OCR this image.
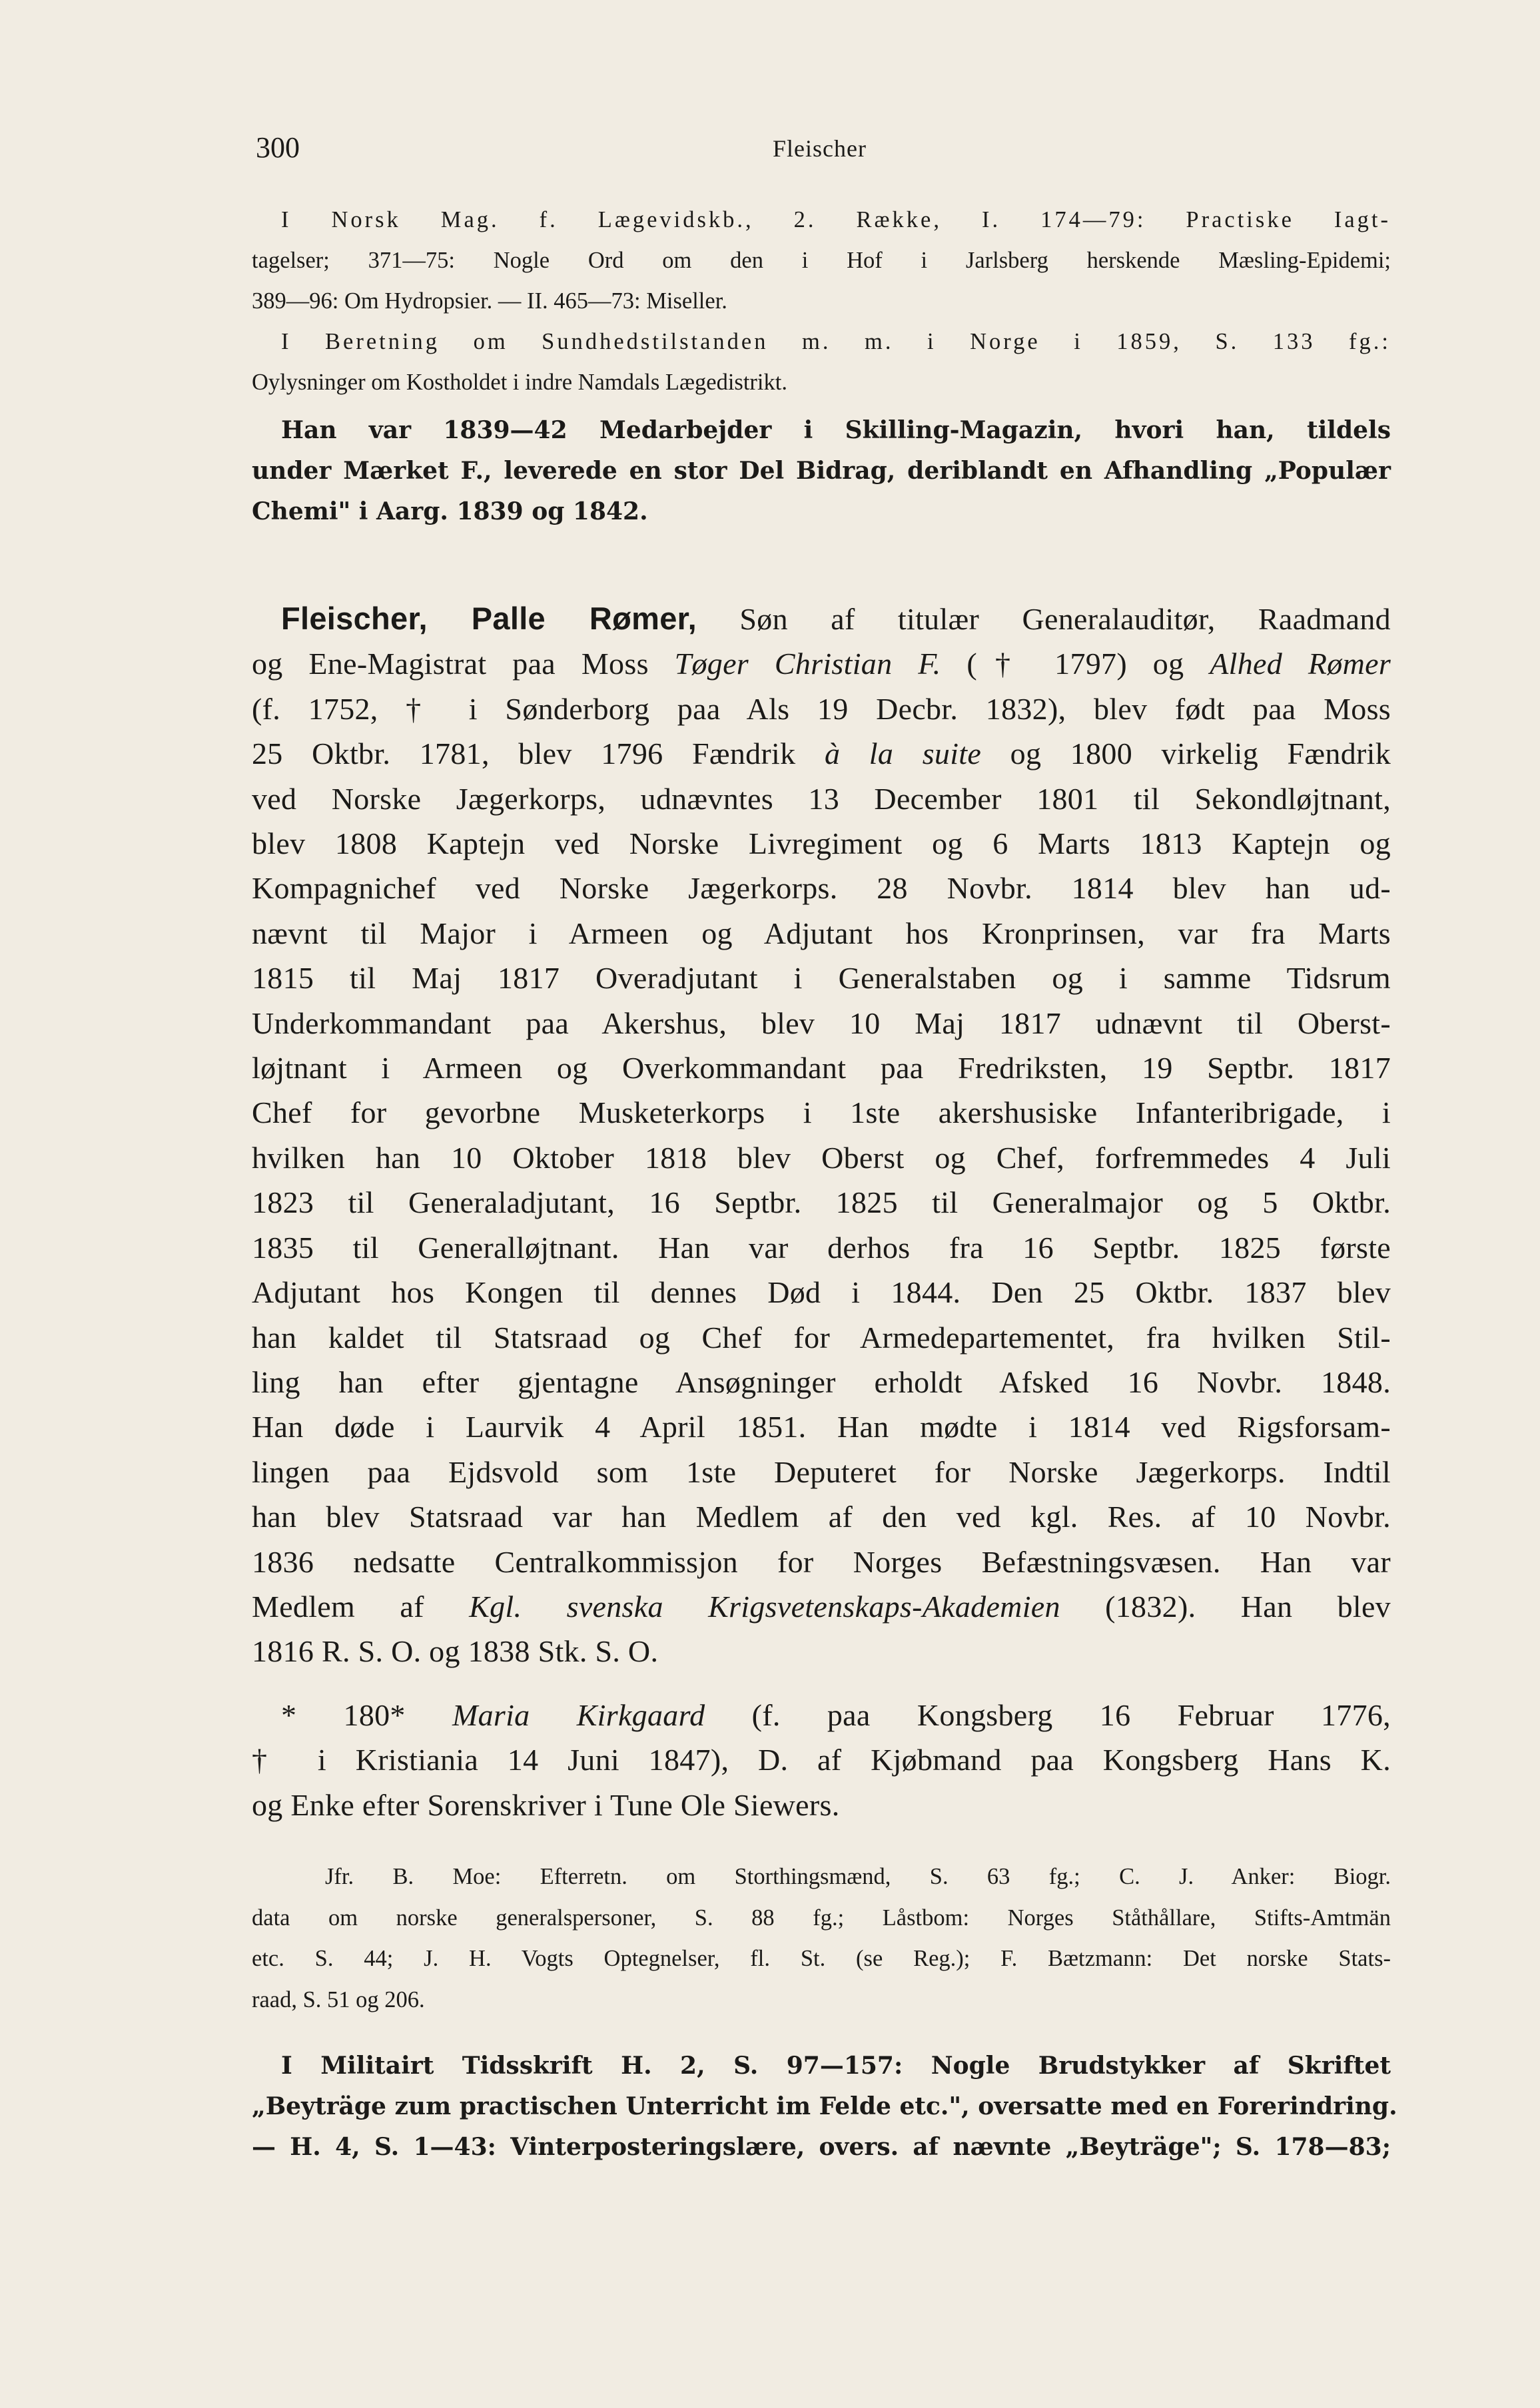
300	Fleischer
I Norsk Mag. f. Lægevidskb., 2. Række, I. 174—79: Practiske Iagt-
tagelser; 371—75: Nogle Ord om den i Hof i Jarlsberg herskende Mæsling-Epidemi;
389—96: Om Hydropsier. — II. 465—73: Miseller.
I Beretning om Sundhedstilstanden m. m. i Norge i 1859, S. 133 fg.:
Oylysninger om Kostholdet i indre Namdals Lægedistrikt.
Han var 1839—42 Medarbejder i Skilling-Magazin, hvori han, tildels
under Mærket F., leverede en stor Del Bidrag, deriblandt en Afhandling „Populær
Chemi" i Aarg. 1839 og 1842.
Fleischer, Palle Rømer, Søn af titulær Generalauditør, Raadmand
og Ene-Magistrat paa Moss Tøger Christian F. († 1797) og Alhed Rømer
(f. 1752, † i Sønderborg paa Als 19 Decbr. 1832), blev født paa Moss
25 Oktbr. 1781, blev 1796 Fændrik à la suite og 1800 virkelig Fændrik
ved Norske Jægerkorps, udnævntes 13 December 1801 til Sekondløjtnant,
blev 1808 Kaptejn ved Norske Livregiment og 6 Marts 1813 Kaptejn og
Kompagnichef ved Norske Jægerkorps. 28 Novbr. 1814 blev han ud-
nævnt til Major i Armeen og Adjutant hos Kronprinsen, var fra Marts
1815 til Maj 1817 Overadjutant i Generalstaben og i samme Tidsrum
Underkommandant paa Akershus, blev 10 Maj 1817 udnævnt til Oberst-
løjtnant i Armeen og Overkommandant paa Fredriksten, 19 Septbr. 1817
Chef for gevorbne Musketerkorps i 1ste akershusiske Infanteribrigade, i
hvilken han 10 Oktober 1818 blev Oberst og Chef, forfremmedes 4 Juli
1823 til Generaladjutant, 16 Septbr. 1825 til Generalmajor og 5 Oktbr.
1835 til Generalløjtnant. Han var derhos fra 16 Septbr. 1825 første
Adjutant hos Kongen til dennes Død i 1844. Den 25 Oktbr. 1837 blev
han kaldet til Statsraad og Chef for Armedepartementet, fra hvilken Stil-
ling han efter gjentagne Ansøgninger erholdt Afsked 16 Novbr. 1848.
Han døde i Laurvik 4 April 1851. Han mødte i 1814 ved Rigsforsam-
lingen paa Ejdsvold som 1ste Deputeret for Norske Jægerkorps. Indtil
han blev Statsraad var han Medlem af den ved kgl. Res. af 10 Novbr.
1836 nedsatte Centralkommissjon for Norges Befæstningsvæsen. Han var
Medlem af Kgl. svenska Krigsvetenskaps-Akademien (1832). Han blev
1816 R. S. O. og 1838 Stk. S. O.
* 180* Maria Kirkgaard (f. paa Kongsberg 16 Februar 1776,
† i Kristiania 14 Juni 1847), D. af Kjøbmand paa Kongsberg Hans K.
og Enke efter Sorenskriver i Tune Ole Siewers.
Jfr. B. Moe: Efterretn. om Storthingsmænd, S. 63 fg.; C. J. Anker: Biogr.
data om norske generalspersoner, S. 88 fg.; Låstbom: Norges Ståthållare, Stifts-Amtmän
etc. S. 44; J. H. Vogts Optegnelser, fl. St. (se Reg.); F. Bætzmann: Det norske Stats-
raad, S. 51 og 206.
I Militairt Tidsskrift H. 2, S. 97—157: Nogle Brudstykker af Skriftet
„Beyträge zum practischen Unterricht im Felde etc.", oversatte med en Forerindring.
— H. 4, S. 1—43: Vinterposteringslære, overs. af nævnte „Beyträge"; S. 178—83;
